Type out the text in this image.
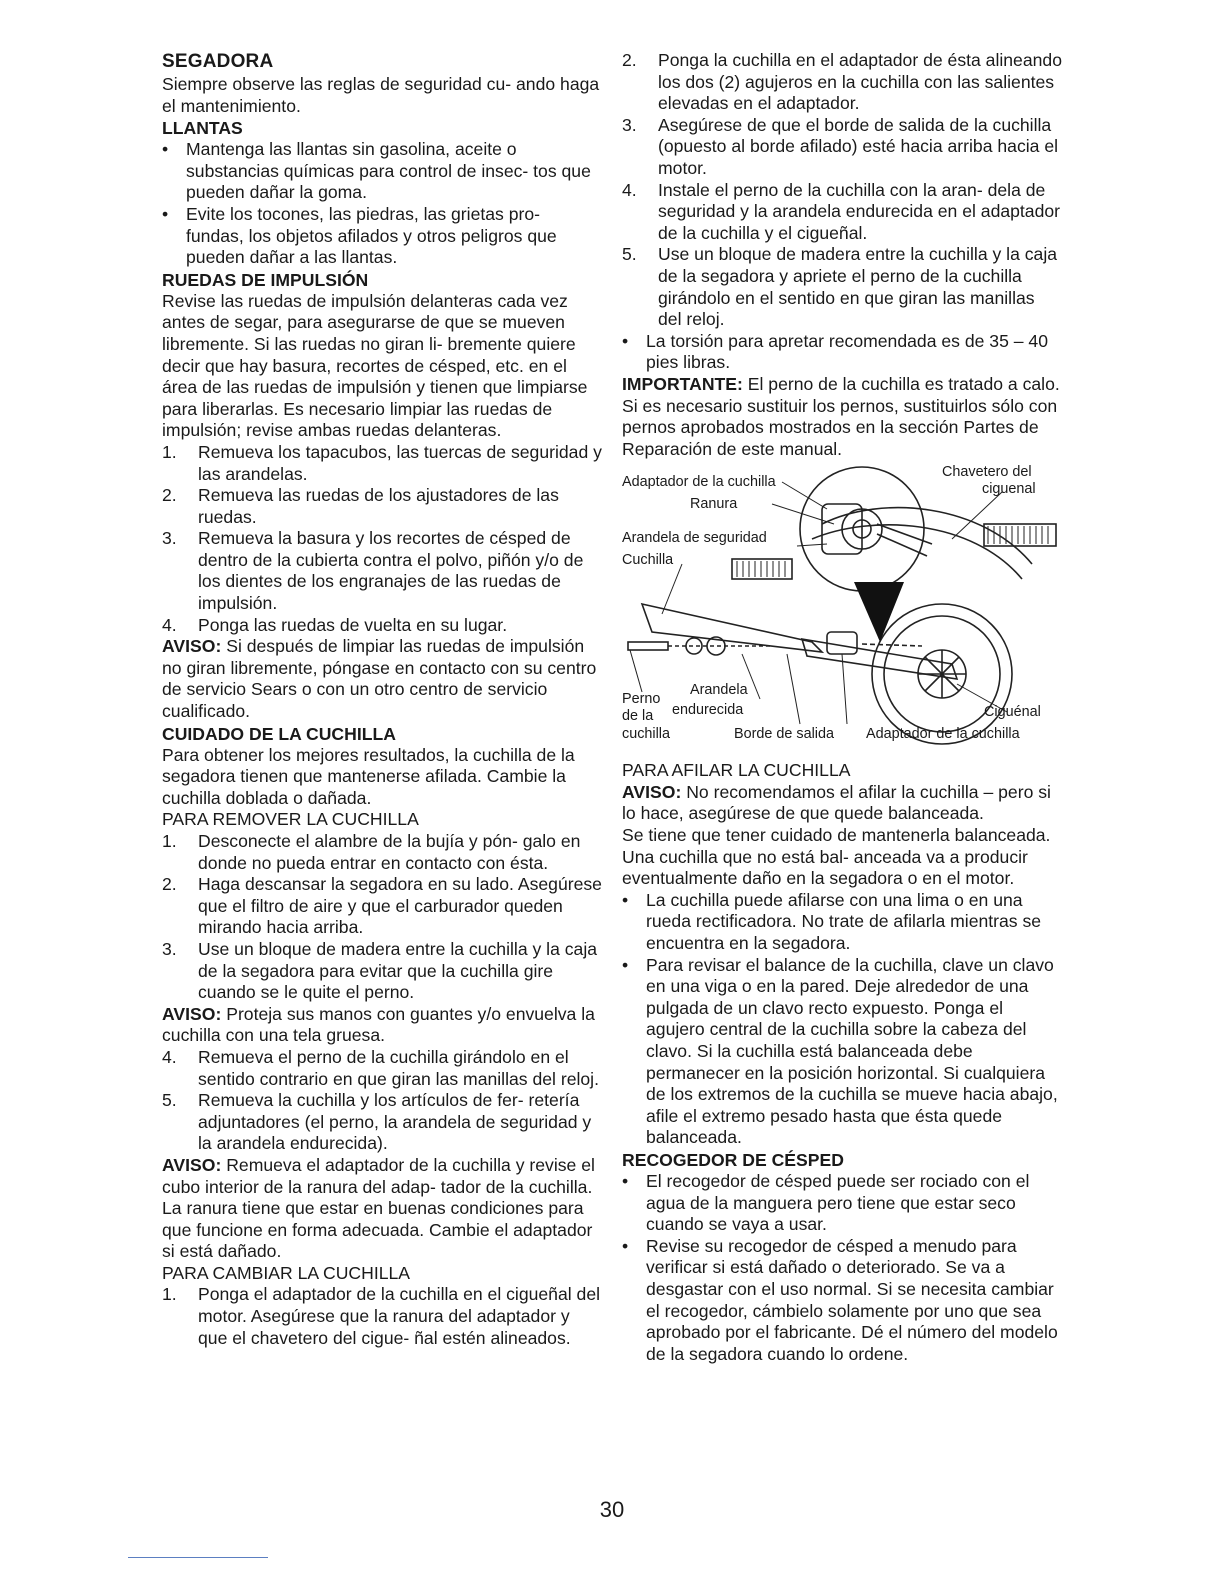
SEGADORA

Siempre observe las reglas de seguridad cu- ando haga el mantenimiento.

LLANTAS

•	Mantenga las llantas sin gasolina, aceite o substancias químicas para control de insec- tos que pueden dañar la goma.
•	Evite los tocones, las piedras, las grietas pro- fundas, los objetos afilados y otros peligros que pueden dañar a las llantas.

RUEDAS DE IMPULSIÓN

Revise las ruedas de impulsión delanteras cada vez antes de segar, para asegurarse de que se mueven libremente. Si las ruedas no giran li- bremente quiere decir que hay basura, recortes de césped, etc. en el área de las ruedas de impulsión y tienen que limpiarse para liberarlas. Es necesario limpiar las ruedas de impulsión; revise ambas ruedas delanteras.

1.	Remueva los tapacubos, las tuercas de seguridad y las arandelas.
2.	Remueva las ruedas de los ajustadores de las ruedas.
3.	Remueva la basura y los recortes de césped de dentro de la cubierta contra el polvo, piñón y/o de los dientes de los engranajes de las ruedas de impulsión.
4.	Ponga las ruedas de vuelta en su lugar.

AVISO: Si después de limpiar las ruedas de impulsión no giran libremente, póngase en contacto con su centro de servicio Sears o con un otro centro de servicio cualificado.

CUIDADO DE LA CUCHILLA

Para obtener los mejores resultados, la cuchilla de la segadora tienen que mantenerse afilada. Cambie la cuchilla doblada o dañada.

PARA REMOVER LA CUCHILLA

1.	Desconecte el alambre de la bujía y pón- galo en donde no pueda entrar en contacto con ésta.
2.	Haga descansar la segadora en su lado. Asegúrese que el filtro de aire y que el carburador queden mirando hacia arriba.
3.	Use un bloque de madera entre la cuchilla y la caja de la segadora para evitar que la cuchilla gire cuando se le quite el perno.

AVISO: Proteja sus manos con guantes y/o envuelva la cuchilla con una tela gruesa.

4.	Remueva el perno de la cuchilla girándolo en el sentido contrario en que giran las manillas del reloj.
5.	Remueva la cuchilla y los artículos de fer- retería adjuntadores (el perno, la arandela de seguridad y la arandela endurecida).

AVISO: Remueva el adaptador de la cuchilla y revise el cubo interior de la ranura del adap- tador de la cuchilla. La ranura tiene que estar en buenas condiciones para que funcione en forma adecuada. Cambie el adaptador si está dañado.

PARA CAMBIAR LA CUCHILLA

1.	Ponga el adaptador de la cuchilla en el cigueñal del motor. Asegúrese que la ranura del adaptador y que el chavetero del cigue- ñal estén alineados.
2.	Ponga la cuchilla en el adaptador de ésta alineando los dos (2) agujeros en la cuchilla con las salientes elevadas en el adaptador.
3.	Asegúrese de que el borde de salida de la cuchilla (opuesto al borde afilado) esté hacia arriba hacia el motor.
4.	Instale el perno de la cuchilla con la aran- dela de seguridad y la arandela endurecida en el adaptador de la cuchilla y el cigueñal.
5.	Use un bloque de madera entre la cuchilla y la caja de la segadora y apriete el perno de la cuchilla girándolo en el sentido en que giran las manillas del reloj.
•	La torsión para apretar recomendada es de 35 – 40 pies libras.

IMPORTANTE: El perno de la cuchilla es tratado a calo. Si es necesario sustituir los pernos, sustituirlos sólo con pernos aprobados mostrados en la sección Partes de Reparación de este manual.

Adaptador de la cuchilla
Chavetero del
ciguenal
Ranura
Arandela de seguridad
Cuchilla
Perno
de la
cuchilla
Arandela
endurecida
Borde de salida Adaptador de la cuchilla
Ciguénal

PARA AFILAR LA CUCHILLA

AVISO: No recomendamos el afilar la cuchilla – pero si lo hace, asegúrese de que quede balanceada.

Se tiene que tener cuidado de mantenerla balanceada. Una cuchilla que no está bal- anceada va a producir eventualmente daño en la segadora o en el motor.

•	La cuchilla puede afilarse con una lima o en una rueda rectificadora. No trate de afilarla mientras se encuentra en la segadora.
•	Para revisar el balance de la cuchilla, clave un clavo en una viga o en la pared. Deje alrededor de una pulgada de un clavo recto expuesto. Ponga el agujero central de la cuchilla sobre la cabeza del clavo. Si la cuchilla está balanceada debe permanecer en la posición horizontal. Si cualquiera de los extremos de la cuchilla se mueve hacia abajo, afile el extremo pesado hasta que ésta quede balanceada.

RECOGEDOR DE CÉSPED

•	El recogedor de césped puede ser rociado con el agua de la manguera pero tiene que estar seco cuando se vaya a usar.
•	Revise su recogedor de césped a menudo para verificar si está dañado o deteriorado. Se va a desgastar con el uso normal. Si se necesita cambiar el recogedor, cámbielo solamente por uno que sea aprobado por el fabricante. Dé el número del modelo de la segadora cuando lo ordene.
30
